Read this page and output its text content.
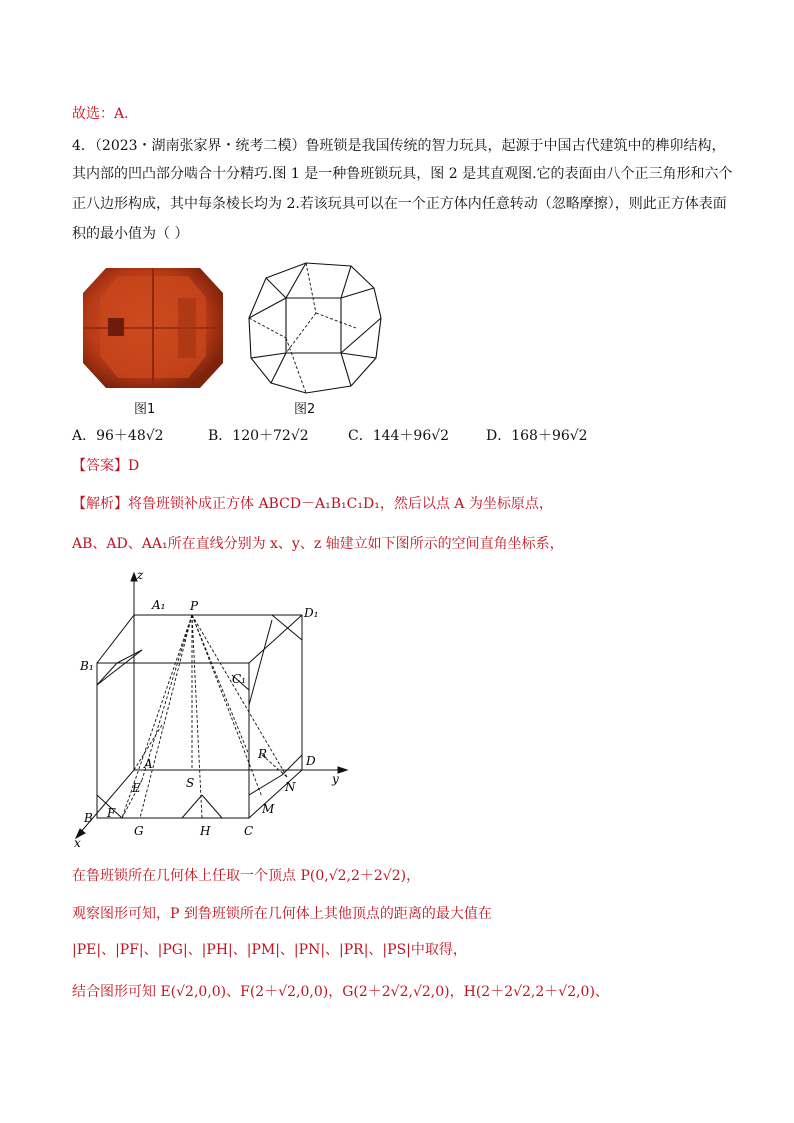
故选：A．
4．（2023・湖南张家界・统考二模）鲁班锁是我国传统的智力玩具，起源于中国古代建筑中的榫卯结构，
其内部的凹凸部分啮合十分精巧.图 1 是一种鲁班锁玩具，图 2 是其直观图.它的表面由八个正三角形和六个
正八边形构成，其中每条棱长均为 2.若该玩具可以在一个正方体内任意转动（忽略摩擦），则此正方体表面
积的最小值为（ ）
图1	图2
A．96＋48√2	B．120＋72√2	C．144＋96√2	D．168＋96√2
【答案】D
【解析】将鲁班锁补成正方体 ABCD－A₁B₁C₁D₁，然后以点 A 为坐标原点，
AB、AD、AA₁所在直线分别为 x、y、z 轴建立如下图所示的空间直角坐标系，
z
y
x
A₁ P	D₁
B₁
C₁
A
S
E
R	D
N
M
B F
G	H	C
在鲁班锁所在几何体上任取一个顶点 P(0,√2,2＋2√2)，
观察图形可知，P 到鲁班锁所在几何体上其他顶点的距离的最大值在
|PE|、|PF|、|PG|、|PH|、|PM|、|PN|、|PR|、|PS|中取得，
结合图形可知 E(√2,0,0)、F(2＋√2,0,0)，G(2＋2√2,√2,0)，H(2＋2√2,2＋√2,0)、
